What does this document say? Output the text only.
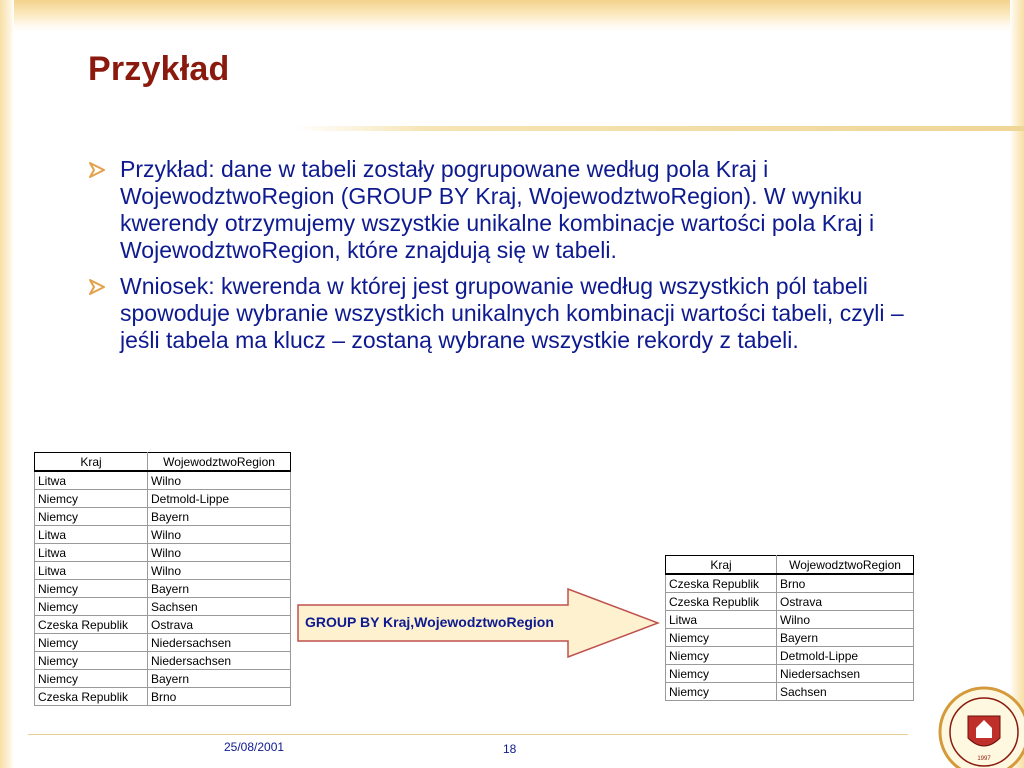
Przykład
Przykład: dane w tabeli zostały pogrupowane według pola Kraj i WojewodztwoRegion (GROUP BY Kraj, WojewodztwoRegion). W wyniku kwerendy otrzymujemy wszystkie unikalne kombinacje wartości pola Kraj i WojewodztwoRegion, które znajdują się w tabeli.
Wniosek: kwerenda w której jest grupowanie według wszystkich pól tabeli spowoduje wybranie wszystkich unikalnych kombinacji wartości tabeli, czyli – jeśli tabela ma klucz – zostaną wybrane wszystkie rekordy z tabeli.
Kraj	WojewodztwoRegion
Litwa	Wilno
Niemcy	Detmold-Lippe
Niemcy	Bayern
Litwa	Wilno
Litwa	Wilno
Litwa	Wilno
Niemcy	Bayern
Niemcy	Sachsen
Czeska Republik	Ostrava
Niemcy	Niedersachsen
Niemcy	Niedersachsen
Niemcy	Bayern
Czeska Republik	Brno
GROUP BY Kraj,WojewodztwoRegion
Kraj	WojewodztwoRegion
Czeska Republik	Brno
Czeska Republik	Ostrava
Litwa	Wilno
Niemcy	Bayern
Niemcy	Detmold-Lippe
Niemcy	Niedersachsen
Niemcy	Sachsen
25/08/2001	18
1997
